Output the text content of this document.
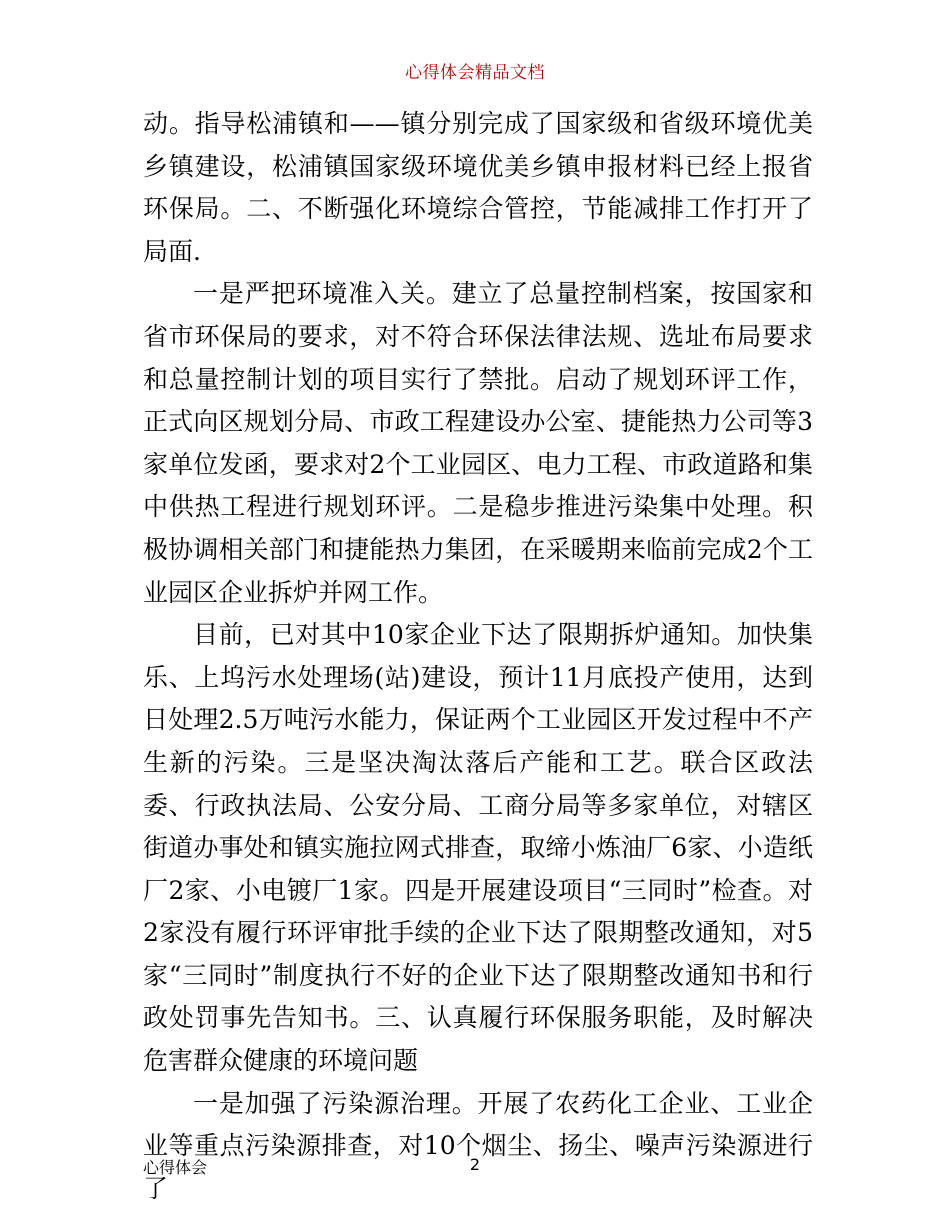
心得体会精品文档

动。指导松浦镇和——镇分别完成了国家级和省级环境优美乡镇建设，松浦镇国家级环境优美乡镇申报材料已经上报省环保局。二、不断强化环境综合管控，节能减排工作打开了局面.

一是严把环境准入关。建立了总量控制档案，按国家和省市环保局的要求，对不符合环保法律法规、选址布局要求和总量控制计划的项目实行了禁批。启动了规划环评工作，正式向区规划分局、市政工程建设办公室、捷能热力公司等3家单位发函，要求对2个工业园区、电力工程、市政道路和集中供热工程进行规划环评。二是稳步推进污染集中处理。积极协调相关部门和捷能热力集团，在采暖期来临前完成2个工业园区企业拆炉并网工作。

目前，已对其中10家企业下达了限期拆炉通知。加快集乐、上坞污水处理场(站)建设，预计11月底投产使用，达到日处理2.5万吨污水能力，保证两个工业园区开发过程中不产生新的污染。三是坚决淘汰落后产能和工艺。联合区政法委、行政执法局、公安分局、工商分局等多家单位，对辖区街道办事处和镇实施拉网式排查，取缔小炼油厂6家、小造纸厂2家、小电镀厂1家。四是开展建设项目“三同时”检查。对2家没有履行环评审批手续的企业下达了限期整改通知，对5家“三同时”制度执行不好的企业下达了限期整改通知书和行政处罚事先告知书。三、认真履行环保服务职能，及时解决危害群众健康的环境问题

一是加强了污染源治理。开展了农药化工企业、工业企业等重点污染源排查，对10个烟尘、扬尘、噪声污染源进行了

心得体会	2
